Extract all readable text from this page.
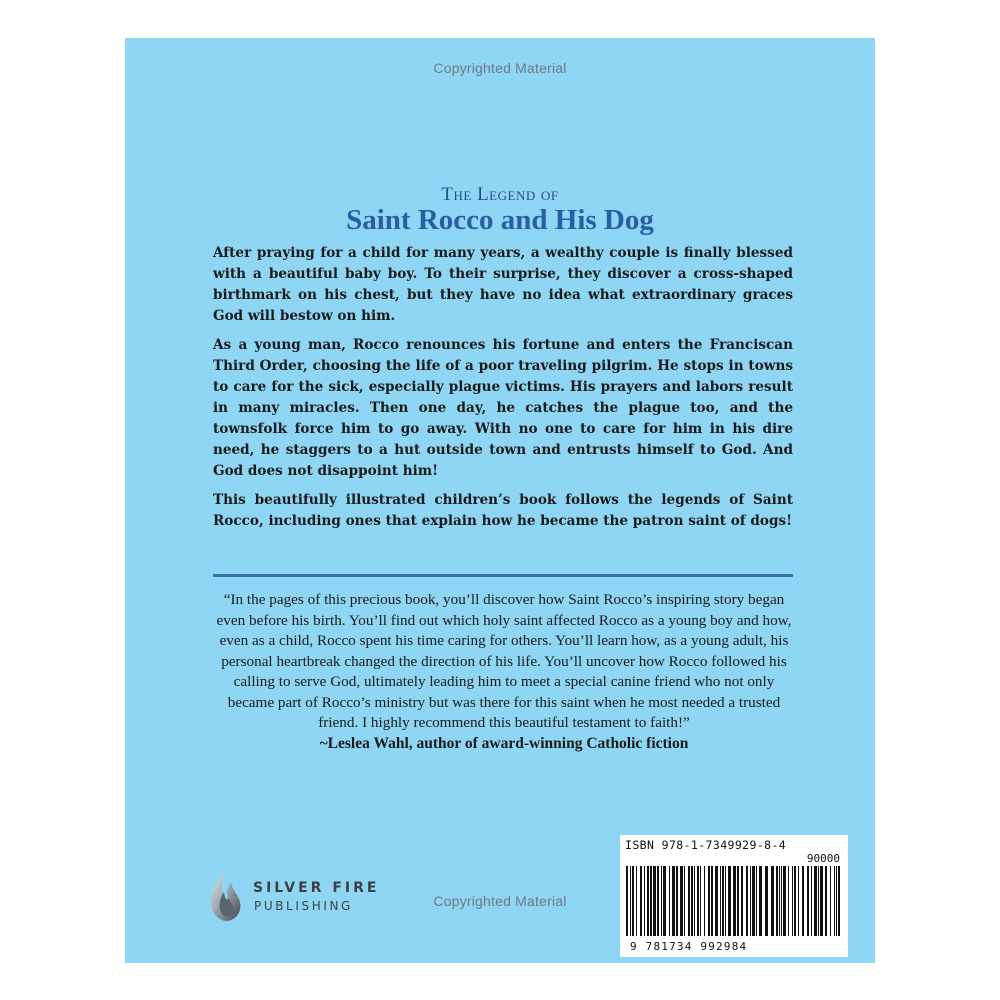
Copyrighted Material
The Legend of
Saint Rocco and His Dog

After praying for a child for many years, a wealthy couple is finally blessed with a beautiful baby boy. To their surprise, they discover a cross-shaped birthmark on his chest, but they have no idea what extraordinary graces God will bestow on him.

As a young man, Rocco renounces his fortune and enters the Franciscan Third Order, choosing the life of a poor traveling pilgrim. He stops in towns to care for the sick, especially plague victims. His prayers and labors result in many miracles. Then one day, he catches the plague too, and the townsfolk force him to go away. With no one to care for him in his dire need, he staggers to a hut outside town and entrusts himself to God. And God does not disappoint him!

This beautifully illustrated children’s book follows the legends of Saint Rocco, including ones that explain how he became the patron saint of dogs!

“In the pages of this precious book, you’ll discover how Saint Rocco’s inspiring story began even before his birth. You’ll find out which holy saint affected Rocco as a young boy and how, even as a child, Rocco spent his time caring for others. You’ll learn how, as a young adult, his personal heartbreak changed the direction of his life. You’ll uncover how Rocco followed his calling to serve God, ultimately leading him to meet a special canine friend who not only became part of Rocco’s ministry but was there for this saint when he most needed a trusted friend. I highly recommend this beautiful testament to faith!”

~Leslea Wahl, author of award-winning Catholic fiction

SILVER FIRE
PUBLISHING
ISBN 978-1-7349929-8-4
90000
9 781734 992984
Copyrighted Material
